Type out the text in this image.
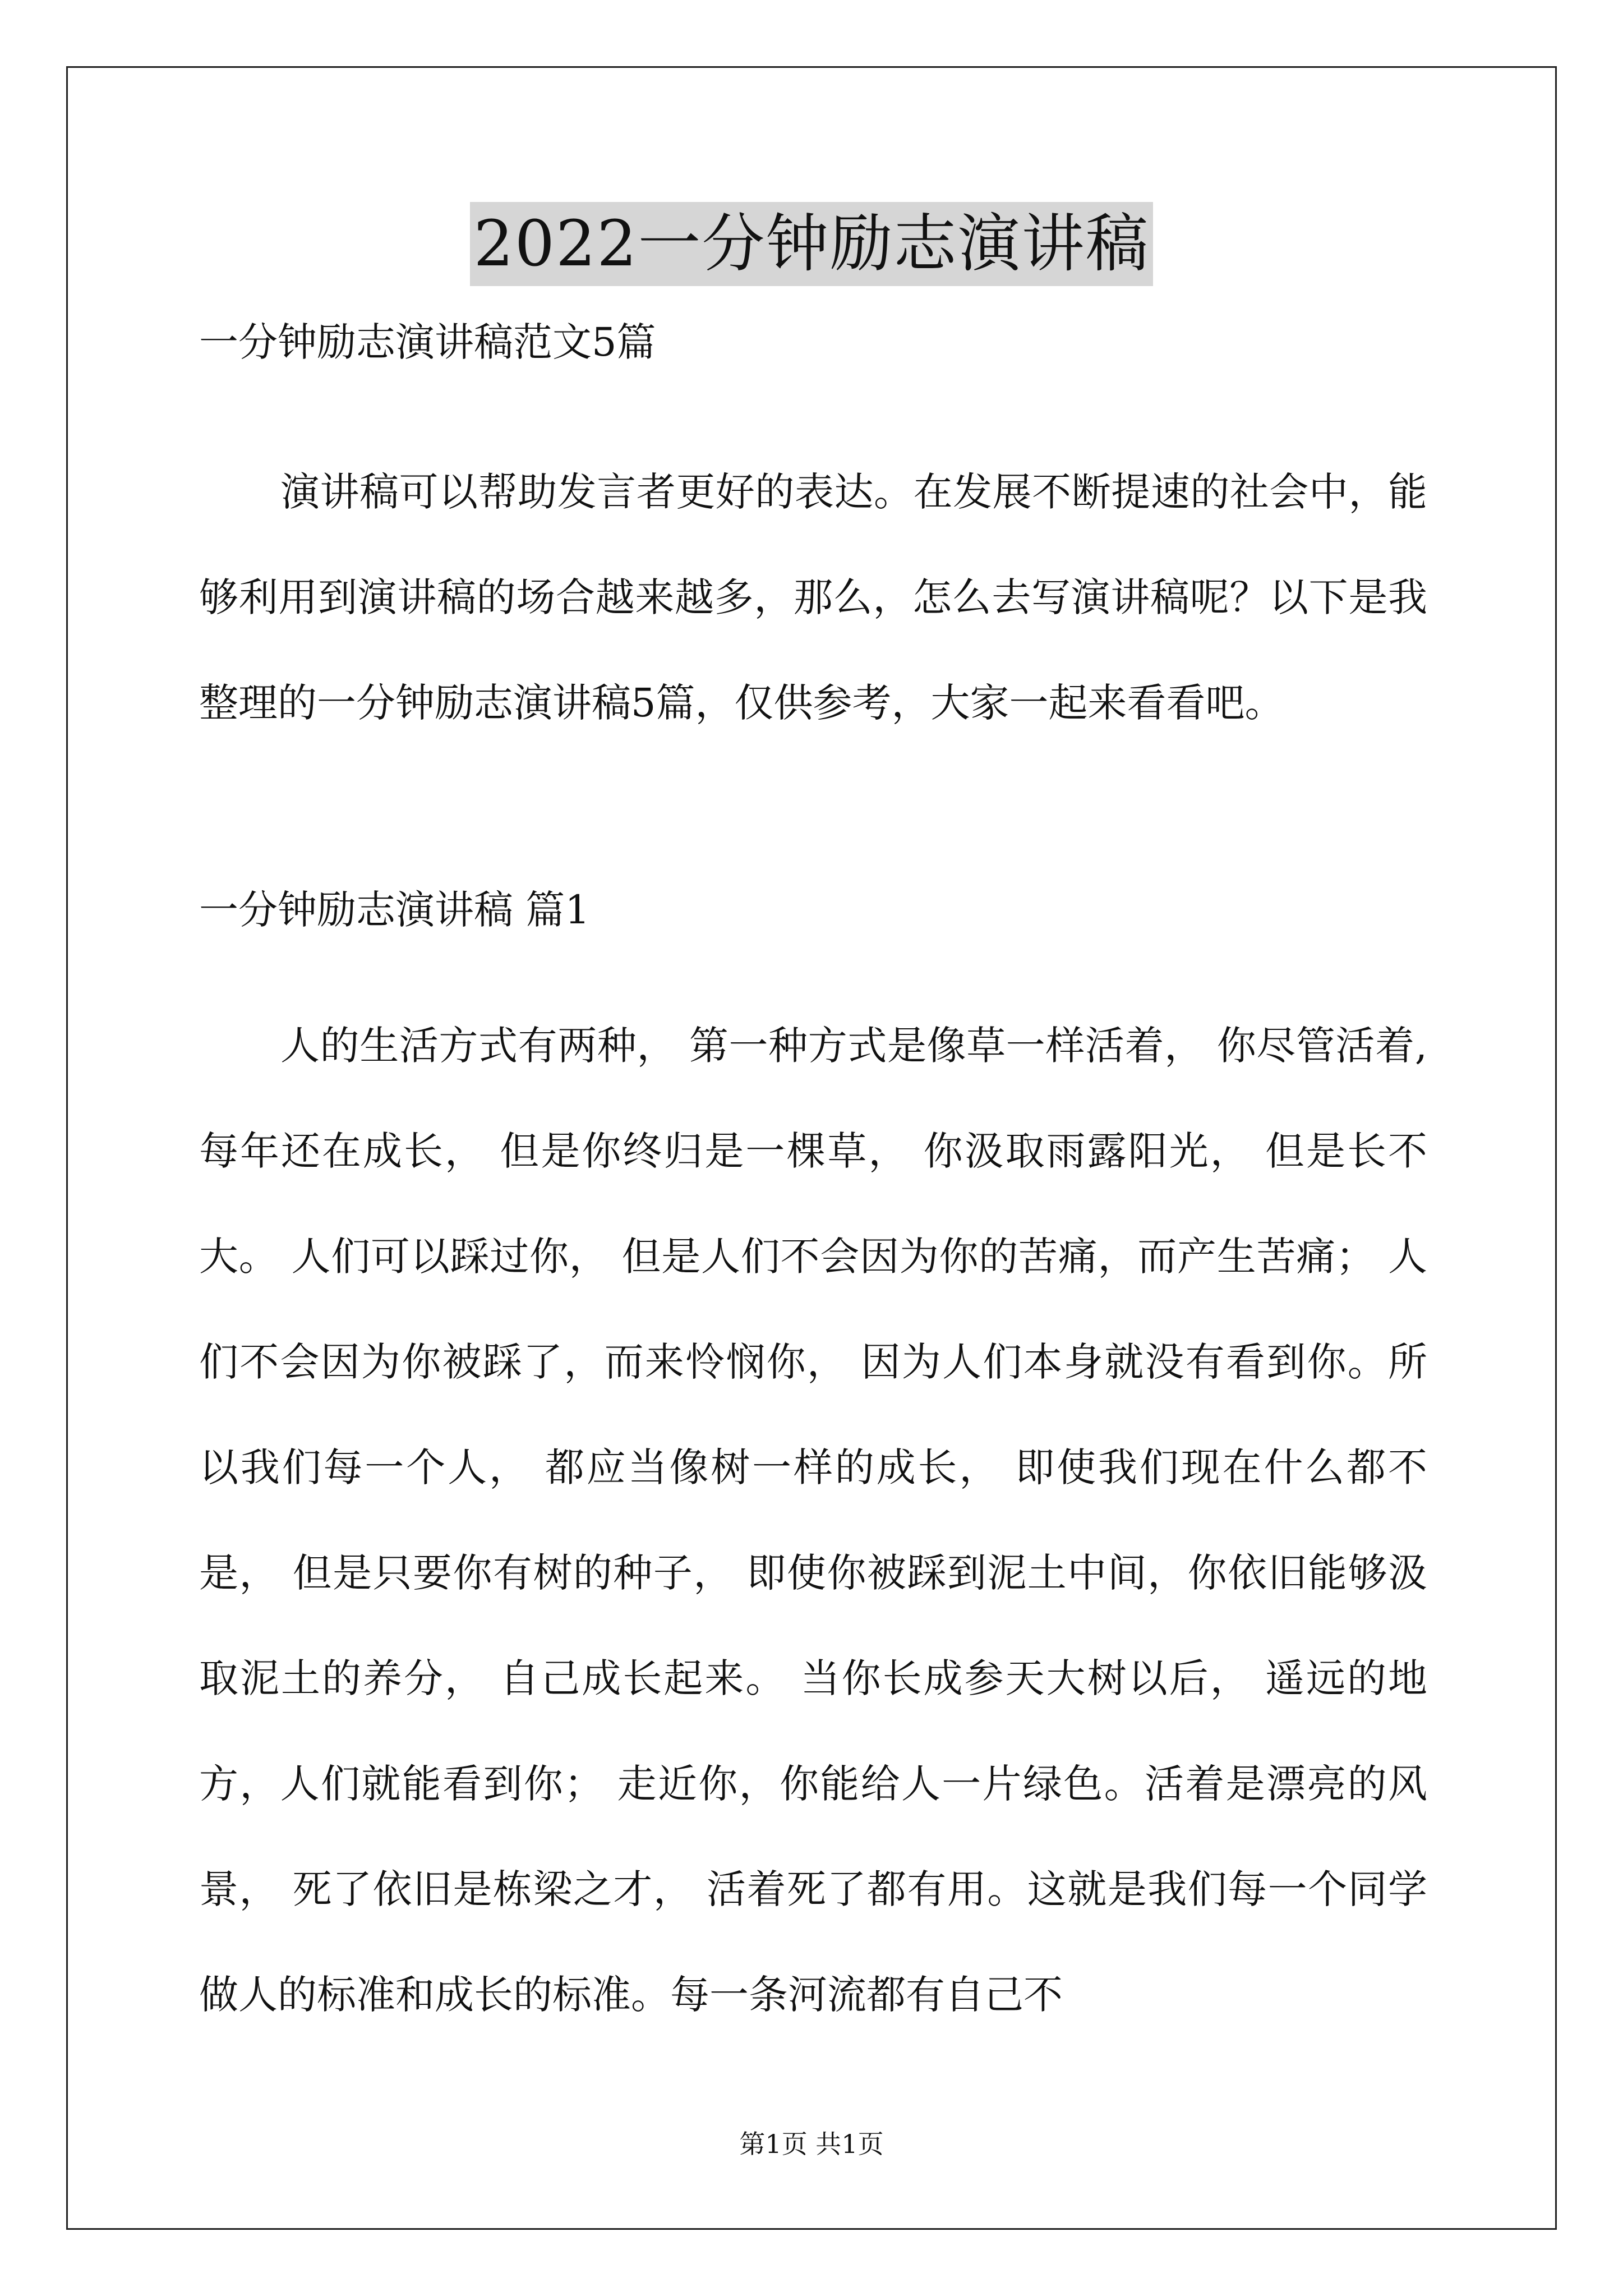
2022一分钟励志演讲稿
一分钟励志演讲稿范文5篇
演讲稿可以帮助发言者更好的表达。在发展不断提速的社会中，能够利用到演讲稿的场合越来越多，那么，怎么去写演讲稿呢？以下是我整理的一分钟励志演讲稿5篇，仅供参考，大家一起来看看吧。
一分钟励志演讲稿 篇1
人的生活方式有两种， 第一种方式是像草一样活着， 你尽管活着,每年还在成长， 但是你终归是一棵草， 你汲取雨露阳光， 但是长不大。 人们可以踩过你， 但是人们不会因为你的苦痛，而产生苦痛； 人们不会因为你被踩了，而来怜悯你， 因为人们本身就没有看到你。所以我们每一个人， 都应当像树一样的成长， 即使我们现在什么都不是， 但是只要你有树的种子， 即使你被踩到泥土中间，你依旧能够汲取泥土的养分， 自己成长起来。 当你长成参天大树以后， 遥远的地方，人们就能看到你； 走近你，你能给人一片绿色。活着是漂亮的风景， 死了依旧是栋梁之才， 活着死了都有用。这就是我们每一个同学做人的标准和成长的标准。每一条河流都有自己不
第1页 共1页
